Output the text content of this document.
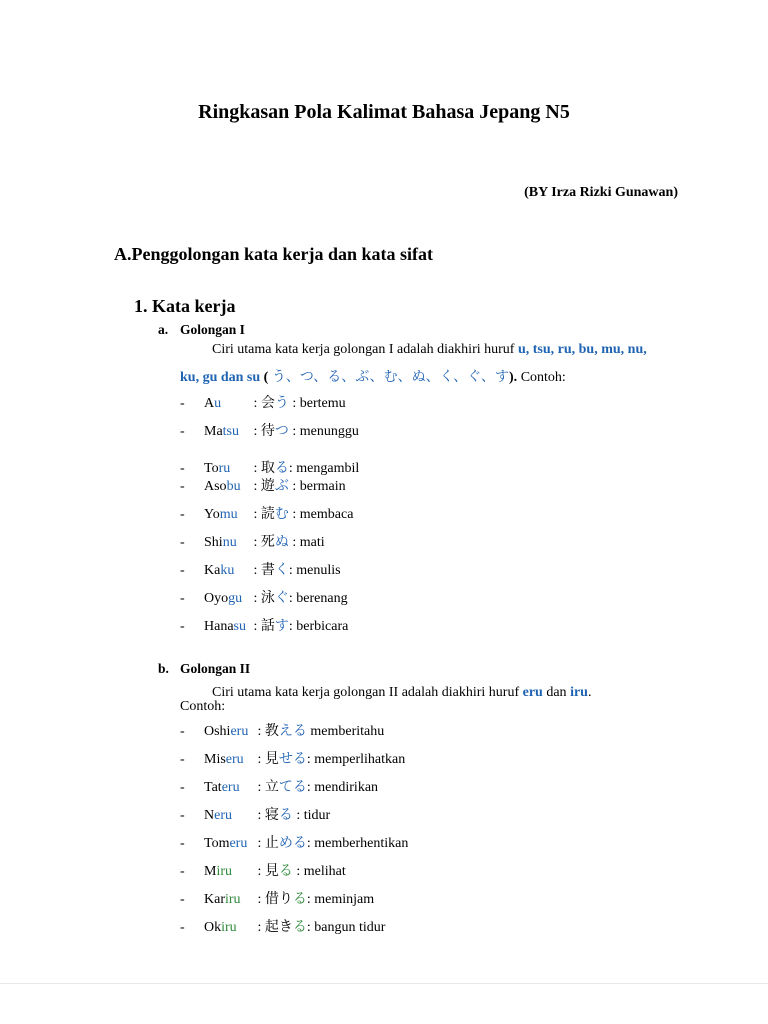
Ringkasan Pola Kalimat Bahasa Jepang N5
(BY Irza Rizki Gunawan)
A.Penggolongan kata kerja dan kata sifat
1. Kata kerja
a. Golongan I
Ciri utama kata kerja golongan I adalah diakhiri huruf u, tsu, ru, bu, mu, nu,
ku, gu dan su ( う、つ、る、ぶ、む、ぬ、く、ぐ、す). Contoh:
- Au : 会う : bertemu
- Matsu : 待つ : menunggu
- Toru : 取る: mengambil
- Asobu : 遊ぶ : bermain
- Yomu : 読む : membaca
- Shinu : 死ぬ : mati
- Kaku : 書く: menulis
- Oyogu : 泳ぐ: berenang
- Hanasu : 話す: berbicara
b. Golongan II
Ciri utama kata kerja golongan II adalah diakhiri huruf eru dan iru.
Contoh:
- Oshieru : 教える memberitahu
- Miseru : 見せる: memperlihatkan
- Tateru : 立てる: mendirikan
- Neru : 寝る : tidur
- Tomeru : 止める: memberhentikan
- Miru : 見る : melihat
- Kariru : 借りる: meminjam
- Okiru : 起きる: bangun tidur
